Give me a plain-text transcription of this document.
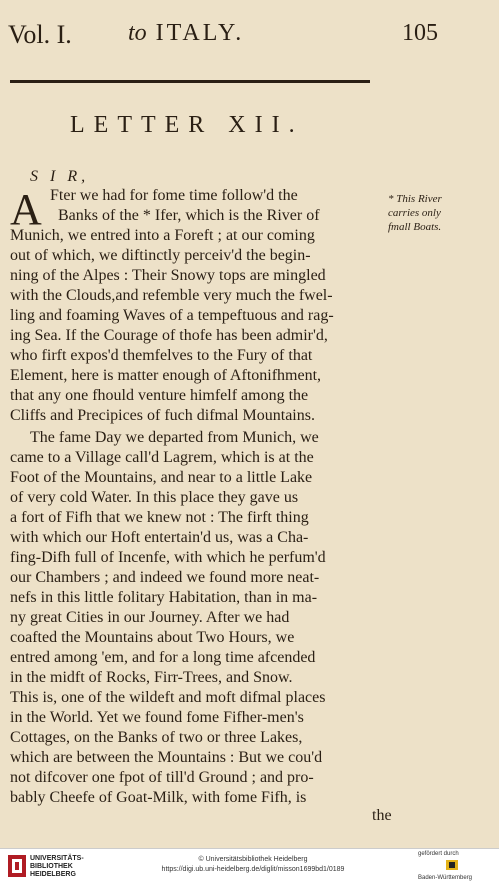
Vol. I. to ITALY.	105
LETTER XII.
S I R,
A Fter we had for fome time follow'd the
Banks of the * Ifer, which is the River of
Munich, we entred into a Foreft ; at our coming
out of which, we diftinctly perceiv'd the begin-
ning of the Alpes : Their Snowy tops are mingled
with the Clouds,and refemble very much the fwel-
ling and foaming Waves of a tempeftuous and rag-
ing Sea. If the Courage of thofe has been admir'd,
who firft expos'd themfelves to the Fury of that
Element, here is matter enough of Aftonifhment,
that any one fhould venture himfelf among the
Cliffs and Precipices of fuch difmal Mountains.
The fame Day we departed from Munich, we
came to a Village call'd Lagrem, which is at the
Foot of the Mountains, and near to a little Lake
of very cold Water. In this place they gave us
a fort of Fifh that we knew not : The firft thing
with which our Hoft entertain'd us, was a Cha-
fing-Difh full of Incenfe, with which he perfum'd
our Chambers ; and indeed we found more neat-
nefs in this little folitary Habitation, than in ma-
ny great Cities in our Journey. After we had
coafted the Mountains about Two Hours, we
entred among 'em, and for a long time afcended
in the midft of Rocks, Firr-Trees, and Snow.
This is, one of the wildeft and moft difmal places
in the World. Yet we found fome Fifher-men's
Cottages, on the Banks of two or three Lakes,
which are between the Mountains : But we cou'd
not difcover one fpot of till'd Ground ; and pro-
bably Cheefe of Goat-Milk, with fome Fifh, is
* This River
carries only
fmall Boats.
the
UNIVERSITÄTS-
BIBLIOTHEK
HEIDELBERG
© Universitätsbibliothek Heidelberg
https://digi.ub.uni-heidelberg.de/diglit/misson1699bd1/0189
gefördert durch
Baden-Württemberg
